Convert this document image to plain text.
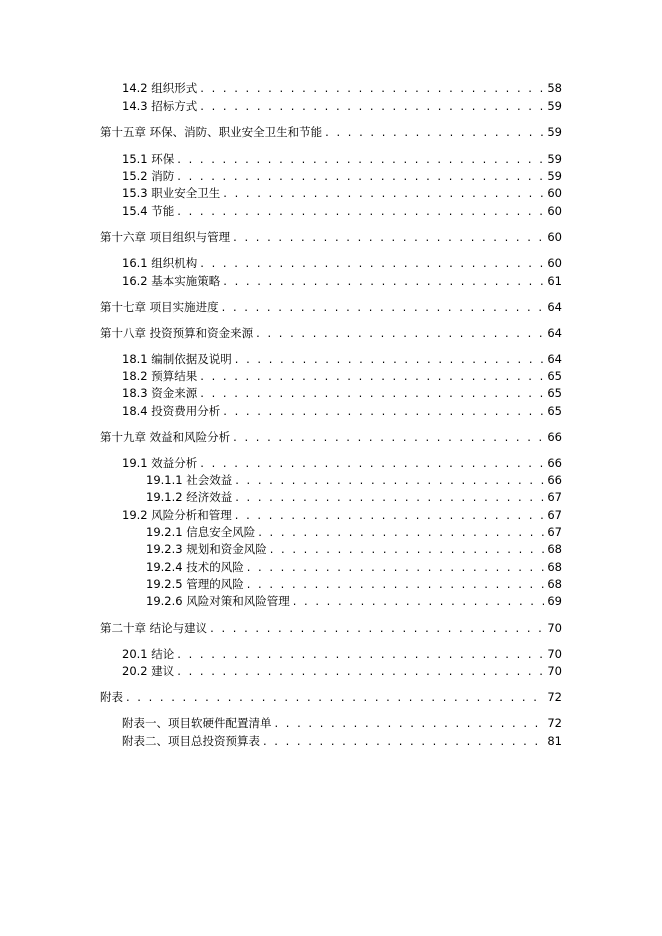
14.2 组织形式 . . .	58
14.3 招标方式 . . .	59
第十五章 环保、消防、职业安全卫生和节能 . . .	59
15.1 环保 . . .	59
15.2 消防 . . .	59
15.3 职业安全卫生 . . .	60
15.4 节能 . . .	60
第十六章 项目组织与管理 . . .	60
16.1 组织机构 . . .	60
16.2 基本实施策略 . . .	61
第十七章 项目实施进度 . . .	64
第十八章 投资预算和资金来源 . . .	64
18.1 编制依据及说明 . . .	64
18.2 预算结果 . . .	65
18.3 资金来源 . . .	65
18.4 投资费用分析 . . .	65
第十九章 效益和风险分析 . . .	66
19.1 效益分析 . . .	66
19.1.1 社会效益 . . .	66
19.1.2 经济效益 . . .	67
19.2 风险分析和管理 . . .	67
19.2.1 信息安全风险 . . .	67
19.2.3 规划和资金风险 . . .	68
19.2.4 技术的风险 . . .	68
19.2.5 管理的风险 . . .	68
19.2.6 风险对策和风险管理 . . .	69
第二十章 结论与建议 . . .	70
20.1 结论 . . .	70
20.2 建议 . . .	70
附表 . . .	72
附表一、项目软硬件配置清单 . . .	72
附表二、项目总投资预算表 . . .	81
